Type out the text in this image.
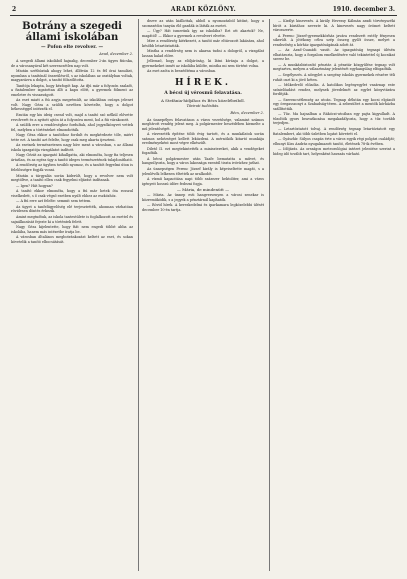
2	ARADI KÖZLÖNY.	1910. december 3.
Botrány a szegedi állami iskolában
— Pofon elte revolver. —
Arad, december 2.

A szegedi állami iskolából hajnalig, december 2-án ügyes fiúcska, de a városanyával két szerencsétlen nap volt.

Miután széthúztak ahogy lehet, állítván 12 és fél órai tanulást, nyomban a tanítónál összeülésről, s az iskolában az osztályban voltak, magyarázva a dolgot, a tanító fölszólította.

Tanítója lekapta, hogy kézfogót kap. Az ifjú már a folyosón szaladt, a fiatalember izgatottan állt a kapu előtt, a gyermek fölment az emeletre és visszavágott.

Az eset miatt a fiú anyja megrémült, az iskolában csúnya jelenet volt. Nagy Géza a szülők nevében követelte, hogy a dolgot békességgel intézzék el.

Ezután egy kis ideig csend volt, majd a tanító szó nélkül elővette revolverét és a nyitott ajtón át a folyosóra ment, hol a fiú várakozott.

A szülők erre a rendőrséghez fordultak, ahol jegyzőkönyvet vettek fel, melyben a történteket elmondották.

Nagy Géza ekkor a tanítóhoz fordult és megkérdezte tőle, miért tette ezt. A tanító azt felelte, hogy csak meg akarta ijeszteni.

Az esetnek természetesen nagy híre ment a városban, s az állami iskola igazgatója vizsgálatot indított.

Nagy Gézát az igazgató kihallgatta, aki elmondta, hogy fia teljesen ártatlan, és az egész ügy a tanító ideges természetének tulajdonítható.

A rendőrség az ügyben tovább nyomoz, és a tanítót fegyelmi úton is felelősségre fogják vonni.

Miután a tárgyalás során kiderült, hogy a revolver nem volt megtöltve, a tanító ellen csak fegyelmi eljárást indítanak.

— Igen? Hát hogyan?

A tanító ekkor elmondta, hogy a fiú már hetek óta rosszul viselkedett, s ő csak végső esetben nyúlt ehhez az eszközhöz.

— A fiú erre azt felelte: semmit sem tettem.

Az ügyet a tanfelügyelőség elé terjesztették, ahonnan várhatóan rövidesen döntés érkezik.

Amint megtudtuk, az iskola tantestülete is foglalkozott az esettel és sajnálkozását fejezte ki a történtek felett.

Nagy Géza kijelentette, hogy fiát nem engedi többé abba az iskolába, hanem más intézetbe íratja be.

A városban általános megbotránkozást keltett az eset, és sokan követelik a tanító elbocsátását.

dezve az után kiállottak, abból a nyomozásból kitűnt, hogy a szomszédos tanyán élő gazdák is látták az esetet.

— Úgy? Hát ismerünk így az iskolába? Ezt ott akartok? Ne, magától! — Ekkor a gyermek a revolvert elvette.

Mire a rendőrség kiérkezett, a tanító már eltávozott lakására, ahol később letartóztatták.

Mintha a rendőrség nem is akarna tudni a dologról, a vizsgálat lassan halad előre.

Jellemző, hogy az elöljáróság, ki látni kívánja a dolgot, a gyermekeket ismét az iskolába küldte, mintha mi sem történt volna.

Az eset azóta is beszédtéma a városban.

HÍREK.
A bécsi új vérosmű felavatása.
A Stefánia-hídjához és Bécs közelébeiből.
Távirati tudósítás.
Bécs, december 2.

Az ünnepélyes felavatáson a város vezetősége, valamint számos meghívott vendég jelent meg. A polgármester beszédében kiemelte a mű jelentőségét.

A vízvezeték építése több évig tartott, és a munkálatok során számos nehézséget kellett leküzdeni. A mérnökök kitartó munkája eredményeként most végre elkészült.

Dilető II. ezt megtekintették a minisztereket, akik a vendégeket fogadták.

A bécsi polgármester után Taafe bemutatta a művet, és hangsúlyozta, hogy a város lakossága ezentúl tiszta ivóvízhez juthat.

Az ünnepségen Ferenc József király is képviseltette magát, s a jelenlévők lelkesen éltették az uralkodót.

A vízmű kapacitása napi több százezer hektoliter, ami a város igényeit hosszú időre fedezni fogja.

— Mária, de mindenütt —

— Mária. Az ünnep esti hangversenyen a városi zenekar is közreműködik, s a jegyek a pénztárnál kaphatók.

— Rövid hírek. A kereskedelmi és iparkamara legközelebbi ülését december 10-én tartja.

— Királyi kinevezés. A király Hevessy Kálmán aradi törvényszéki bírót a kúriához nevezte ki. A kinevezés nagy örömet keltett városszerte.

A Ferenc József-gyermekkórház javára rendezett estély fényesen sikerült. A jótékony célra szép összeg gyűlt össze, melyet a rendezőség a kórház igazgatóságának adott át.

— Az Arad-Csanádi vasút. Az igazgatóság tegnapi ülésén elhatározta, hogy a forgalom emelkedésére való tekintettel új kocsikat szerez be.

— A munkásbiztosító pénztár. A pénztár közgyűlése tegnap volt megtartva, melyen a választmány jelentését egyhangúlag elfogadták.

— Segélyezés. A nőegylet a szegény iskolás gyermekek részére téli ruhát oszt ki a jövő héten.

— Műkedvelő előadás. A katolikus legényegylet vasárnap este színielőadást rendez, melynek jövedelmét az egylet könyvtárára fordítják.

— Szerencsétlenség az utcán. Tegnap délután egy kocsi elgázolt egy öregasszonyt a Szabadság-téren. A sebesültet a mentők kórházba szállították.

— Tűz. Ma hajnalban a Rákóczi-utcában egy pajta kigyulladt. A tűzoltók gyors beavatkozása megakadályozta, hogy a tűz tovább terjedjen.

— Letartóztatott tolvaj. A rendőrség tegnap letartóztatott egy fiatalembert, aki több üzletben lopást követett el.

— Gyászhír. Súlyos csapás érte a város egyik régi polgári családját; elhunyt Kiss András nyugalmazott tanító, életének 78-ik évében.

— Időjárás. Az országos meteorológiai intézet jelentése szerint a hideg idő tovább tart, helyenként havazás várható.
